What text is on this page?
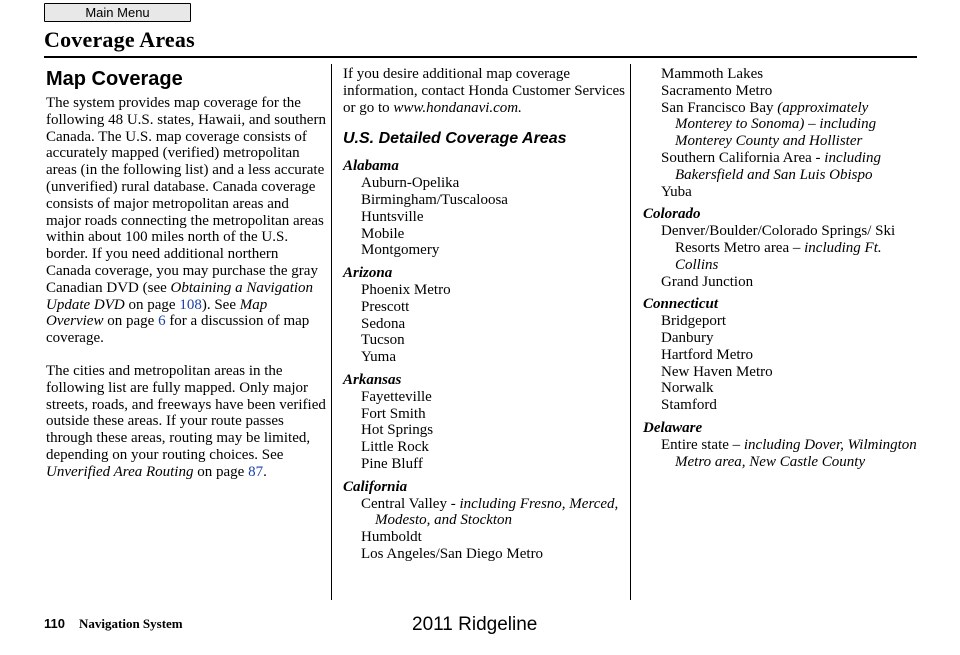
Main Menu
Coverage Areas
Map Coverage

The system provides map coverage for the following 48 U.S. states, Hawaii, and southern Canada. The U.S. map coverage consists of accurately mapped (verified) metropolitan areas (in the following list) and a less accurate (unverified) rural database. Canada coverage consists of major metropolitan areas and major roads connecting the metropolitan areas within about 100 miles north of the U.S. border. If you need additional northern Canada coverage, you may purchase the gray Canadian DVD (see Obtaining a Navigation Update DVD on page 108). See Map Overview on page 6 for a discussion of map coverage.

The cities and metropolitan areas in the following list are fully mapped. Only major streets, roads, and freeways have been verified outside these areas. If your route passes through these areas, routing may be limited, depending on your routing choices. See Unverified Area Routing on page 87.

If you desire additional map coverage information, contact Honda Customer Services or go to www.hondanavi.com.

U.S. Detailed Coverage Areas
Alabama
Auburn-Opelika
Birmingham/Tuscaloosa
Huntsville
Mobile
Montgomery
Arizona
Phoenix Metro
Prescott
Sedona
Tucson
Yuma
Arkansas
Fayetteville
Fort Smith
Hot Springs
Little Rock
Pine Bluff
California
Central Valley - including Fresno, Merced, Modesto, and Stockton
Humboldt
Los Angeles/San Diego Metro
Mammoth Lakes
Sacramento Metro
San Francisco Bay (approximately Monterey to Sonoma) – including Monterey County and Hollister
Southern California Area - including Bakersfield and San Luis Obispo
Yuba
Colorado
Denver/Boulder/Colorado Springs/ Ski Resorts Metro area – including Ft. Collins
Grand Junction
Connecticut
Bridgeport
Danbury
Hartford Metro
New Haven Metro
Norwalk
Stamford
Delaware
Entire state – including Dover, Wilmington Metro area, New Castle County
110 Navigation System	2011 Ridgeline
